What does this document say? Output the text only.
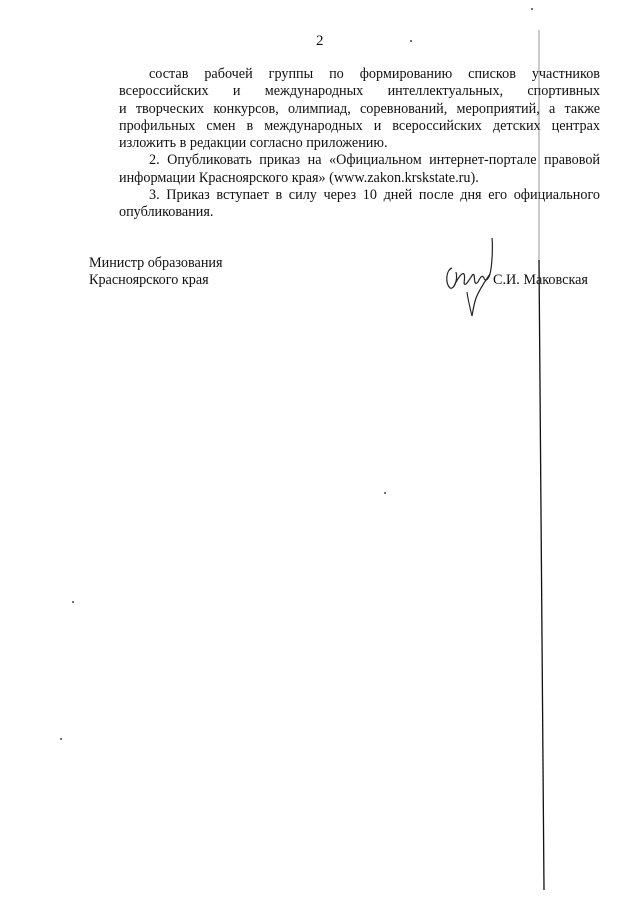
2
состав рабочей группы по формированию списков участников
всероссийских и международных интеллектуальных, спортивных
и творческих конкурсов, олимпиад, соревнований, мероприятий, а также
профильных смен в международных и всероссийских детских центрах
изложить в редакции согласно приложению.
2. Опубликовать приказ на «Официальном интернет-портале правовой
информации Красноярского края» (www.zakon.krskstate.ru).
3. Приказ вступает в силу через 10 дней после дня его официального
опубликования.
Министр образования
Красноярского края	С.И. Маковская
